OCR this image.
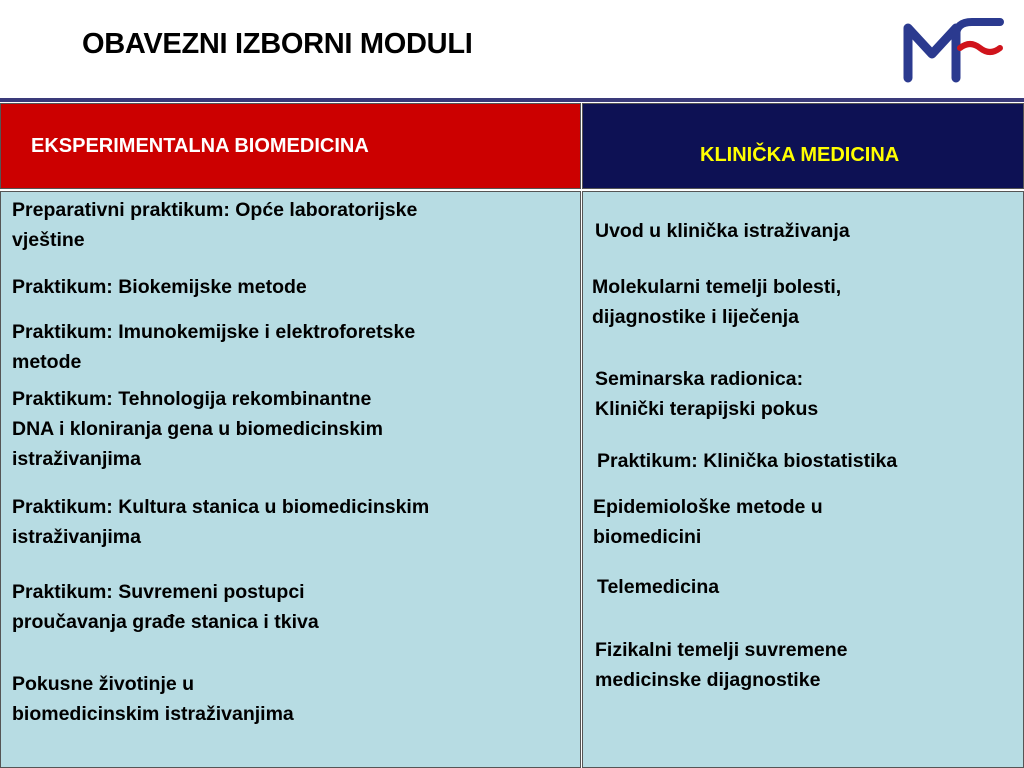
OBAVEZNI IZBORNI MODULI
EKSPERIMENTALNA BIOMEDICINA	KLINIČKA MEDICINA

Preparativni praktikum: Opće laboratorijske
vještine

Praktikum: Biokemijske metode

Praktikum: Imunokemijske i elektroforetske
metode

Praktikum: Tehnologija rekombinantne
DNA i kloniranja gena u biomedicinskim
istraživanjima

Praktikum: Kultura stanica u biomedicinskim
istraživanjima

Praktikum: Suvremeni postupci
proučavanja građe stanica i tkiva

Pokusne životinje u
biomedicinskim istraživanjima

Uvod u klinička istraživanja

Molekularni temelji bolesti,
dijagnostike i liječenja

Seminarska radionica:
Klinički terapijski pokus

Praktikum: Klinička biostatistika

Epidemiološke metode u
biomedicini

Telemedicina

Fizikalni temelji suvremene
medicinske dijagnostike
